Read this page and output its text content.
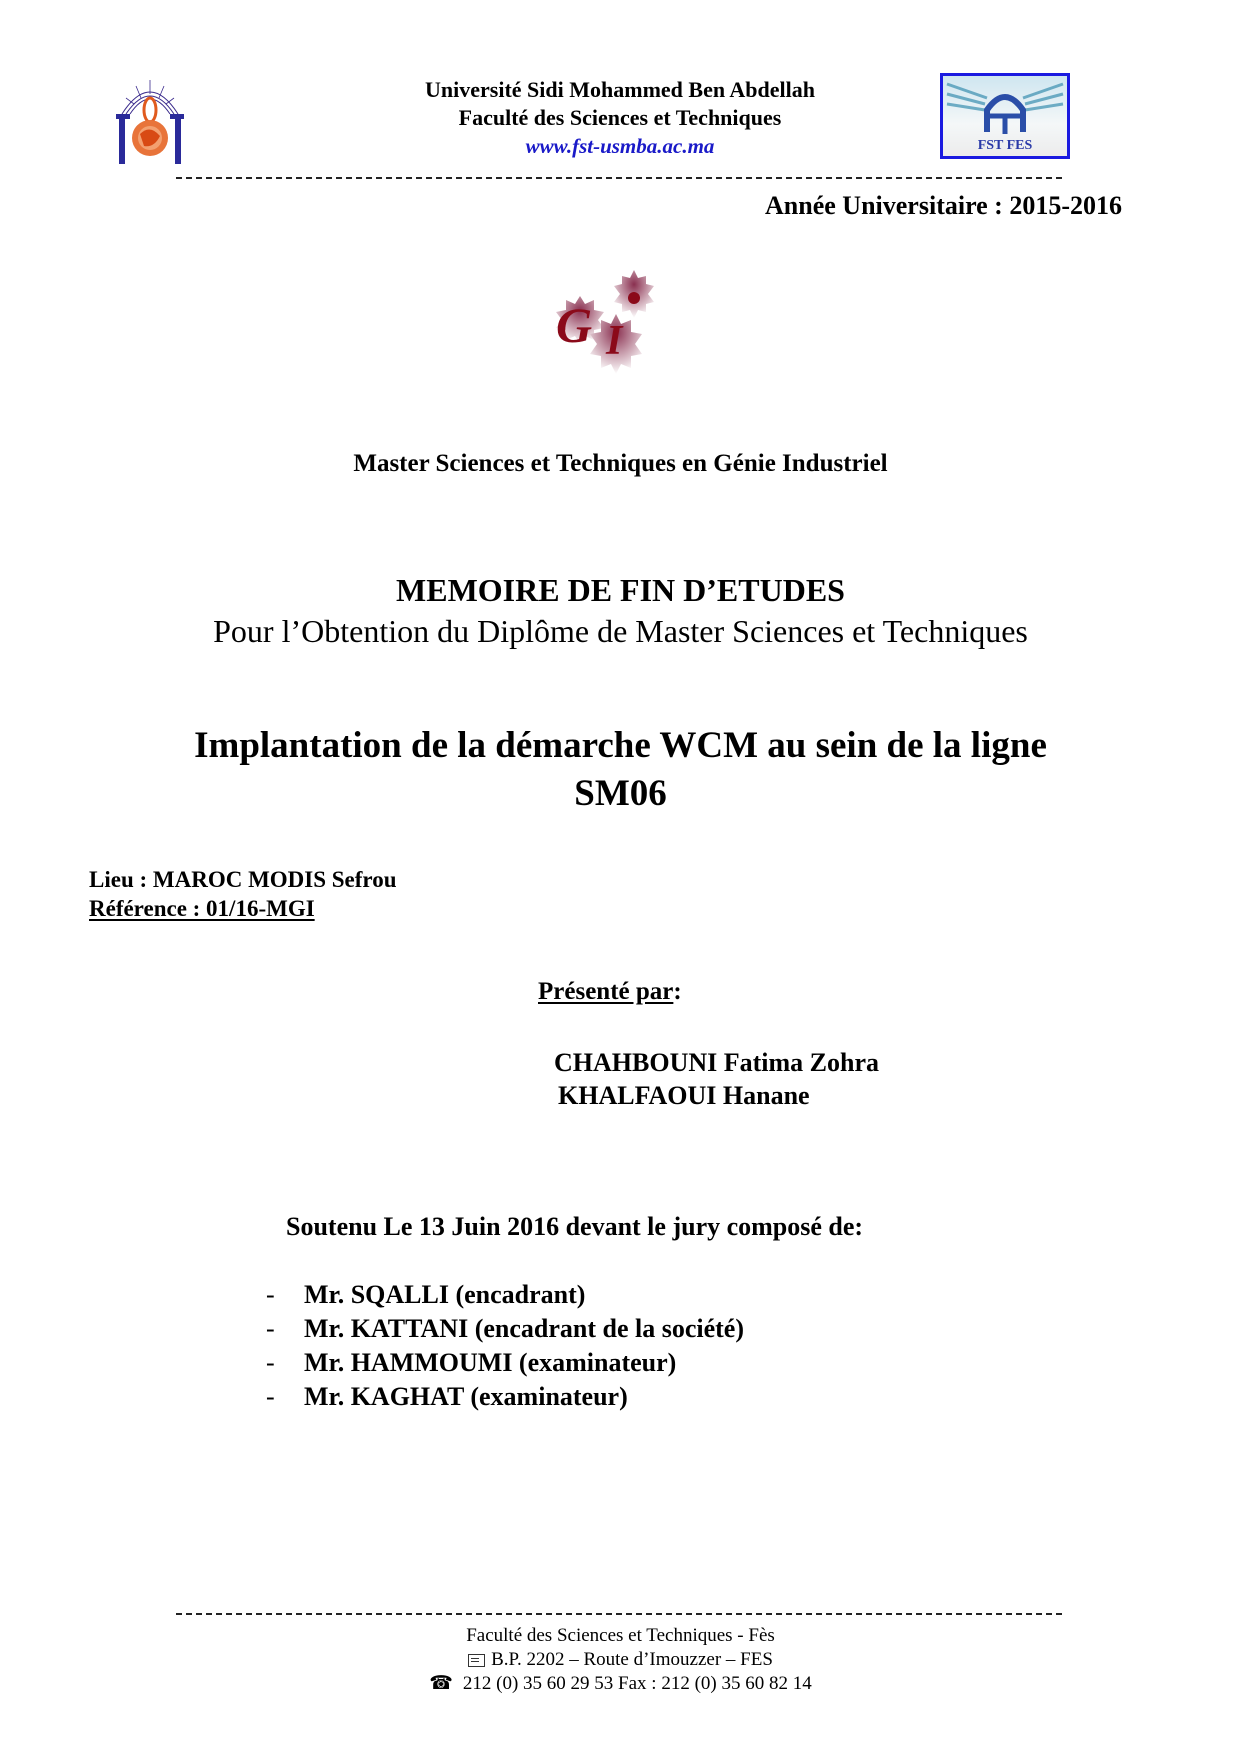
Université Sidi Mohammed Ben Abdellah
Faculté des Sciences et Techniques
www.fst-usmba.ac.ma	FST FES
Année Universitaire : 2015-2016
G I
Master Sciences et Techniques en Génie Industriel
MEMOIRE DE FIN D’ETUDES
Pour l’Obtention du Diplôme de Master Sciences et Techniques
Implantation de la démarche WCM au sein de la ligne
SM06
Lieu : MAROC MODIS Sefrou
Référence : 01/16-MGI
Présenté par:
CHAHBOUNI Fatima Zohra
KHALFAOUI Hanane
Soutenu Le 13 Juin 2016 devant le jury composé de:
- Mr. SQALLI (encadrant)
- Mr. KATTANI (encadrant de la société)
- Mr. HAMMOUMI (examinateur)
- Mr. KAGHAT (examinateur)
Faculté des Sciences et Techniques - Fès
B.P. 2202 – Route d’Imouzzer – FES
☎ 212 (0) 35 60 29 53 Fax : 212 (0) 35 60 82 14
